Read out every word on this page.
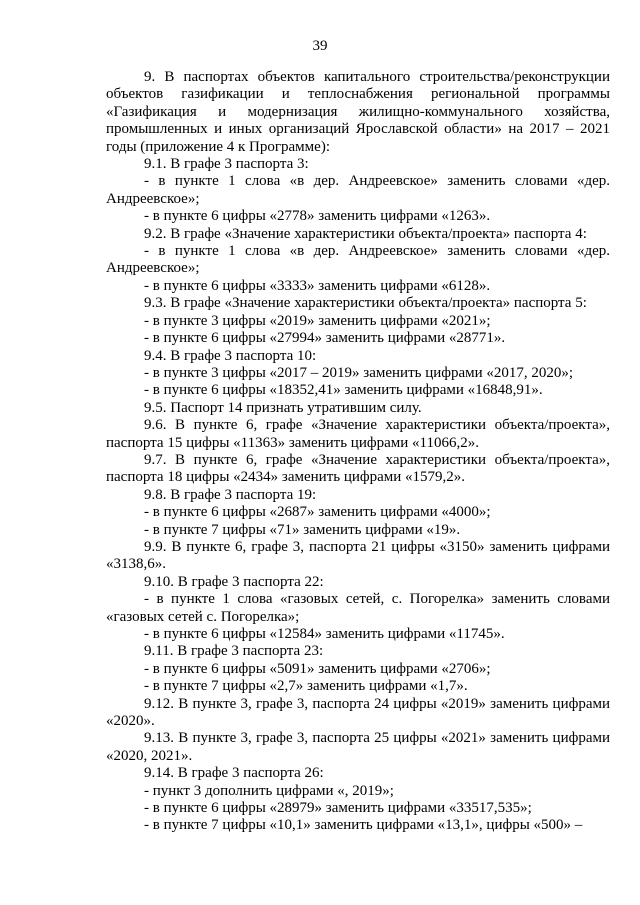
39

9. В паспортах объектов капитального строительства/реконструкции объектов газификации и теплоснабжения региональной программы «Газификация и модернизация жилищно-коммунального хозяйства, промышленных и иных организаций Ярославской области» на 2017 – 2021 годы (приложение 4 к Программе):

9.1. В графе 3 паспорта 3:

- в пункте 1 слова «в дер. Андреевское» заменить словами «дер. Андреевское»;

- в пункте 6 цифры «2778» заменить цифрами «1263».

9.2. В графе «Значение характеристики объекта/проекта» паспорта 4:

- в пункте 1 слова «в дер. Андреевское» заменить словами «дер. Андреевское»;

- в пункте 6 цифры «3333» заменить цифрами «6128».

9.3. В графе «Значение характеристики объекта/проекта» паспорта 5:

- в пункте 3 цифры «2019» заменить цифрами «2021»;

- в пункте 6 цифры «27994» заменить цифрами «28771».

9.4. В графе 3 паспорта 10:

- в пункте 3 цифры «2017 – 2019» заменить цифрами «2017, 2020»;

- в пункте 6 цифры «18352,41» заменить цифрами «16848,91».

9.5. Паспорт 14 признать утратившим силу.

9.6. В пункте 6, графе «Значение характеристики объекта/проекта», паспорта 15 цифры «11363» заменить цифрами «11066,2».

9.7. В пункте 6, графе «Значение характеристики объекта/проекта», паспорта 18 цифры «2434» заменить цифрами «1579,2».

9.8. В графе 3 паспорта 19:

- в пункте 6 цифры «2687» заменить цифрами «4000»;

- в пункте 7 цифры «71» заменить цифрами «19».

9.9. В пункте 6, графе 3, паспорта 21 цифры «3150» заменить цифрами «3138,6».

9.10. В графе 3 паспорта 22:

- в пункте 1 слова «газовых сетей, с. Погорелка» заменить словами «газовых сетей с. Погорелка»;

- в пункте 6 цифры «12584» заменить цифрами «11745».

9.11. В графе 3 паспорта 23:

- в пункте 6 цифры «5091» заменить цифрами «2706»;

- в пункте 7 цифры «2,7» заменить цифрами «1,7».

9.12. В пункте 3, графе 3, паспорта 24 цифры «2019» заменить цифрами «2020».

9.13. В пункте 3, графе 3, паспорта 25 цифры «2021» заменить цифрами «2020, 2021».

9.14. В графе 3 паспорта 26:

- пункт 3 дополнить цифрами «, 2019»;

- в пункте 6 цифры «28979» заменить цифрами «33517,535»;

- в пункте 7 цифры «10,1» заменить цифрами «13,1», цифры «500» –
